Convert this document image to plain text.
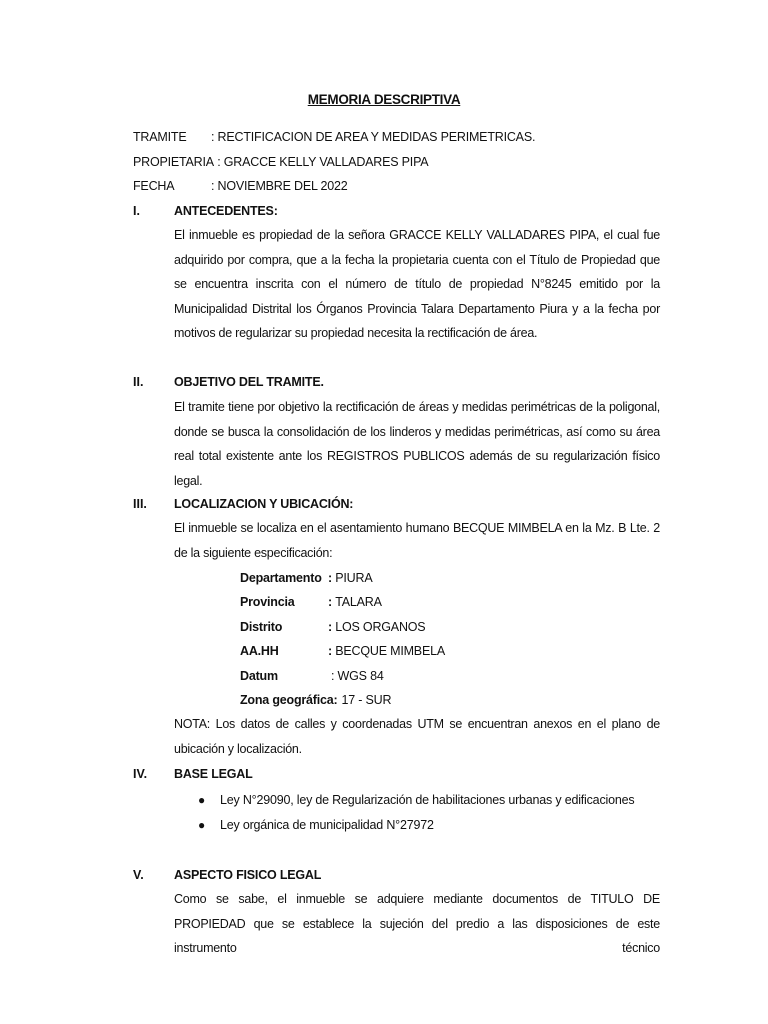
MEMORIA DESCRIPTIVA
TRAMITE : RECTIFICACION DE AREA Y MEDIDAS PERIMETRICAS.
PROPIETARIA : GRACCE KELLY VALLADARES PIPA
FECHA	: NOVIEMBRE DEL 2022
I.	ANTECEDENTES:

El inmueble es propiedad de la señora GRACCE KELLY VALLADARES PIPA, el cual fue adquirido por compra, que a la fecha la propietaria cuenta con el Título de Propiedad que se encuentra inscrita con el número de título de propiedad N°8245 emitido por la Municipalidad Distrital los Órganos Provincia Talara Departamento Piura y a la fecha por motivos de regularizar su propiedad necesita la rectificación de área.

II. OBJETIVO DEL TRAMITE.

El tramite tiene por objetivo la rectificación de áreas y medidas perimétricas de la poligonal, donde se busca la consolidación de los linderos y medidas perimétricas, así como su área real total existente ante los REGISTROS PUBLICOS además de su regularización físico legal.

III. LOCALIZACION Y UBICACIÓN:

El inmueble se localiza en el asentamiento humano BECQUE MIMBELA en la Mz. B Lte. 2 de la siguiente especificación:

Departamento : PIURA
Provincia	: TALARA
Distrito	: LOS ORGANOS
AA.HH	: BECQUE MIMBELA
Datum	: WGS 84
Zona geográfica: 17 - SUR

NOTA: Los datos de calles y coordenadas UTM se encuentran anexos en el plano de ubicación y localización.

IV. BASE LEGAL
● Ley N°29090, ley de Regularización de habilitaciones urbanas y edificaciones
● Ley orgánica de municipalidad N°27972
V. ASPECTO FISICO LEGAL

Como se sabe, el inmueble se adquiere mediante documentos de TITULO DE PROPIEDAD que se establece la sujeción del predio a las disposiciones de este instrumento técnico
